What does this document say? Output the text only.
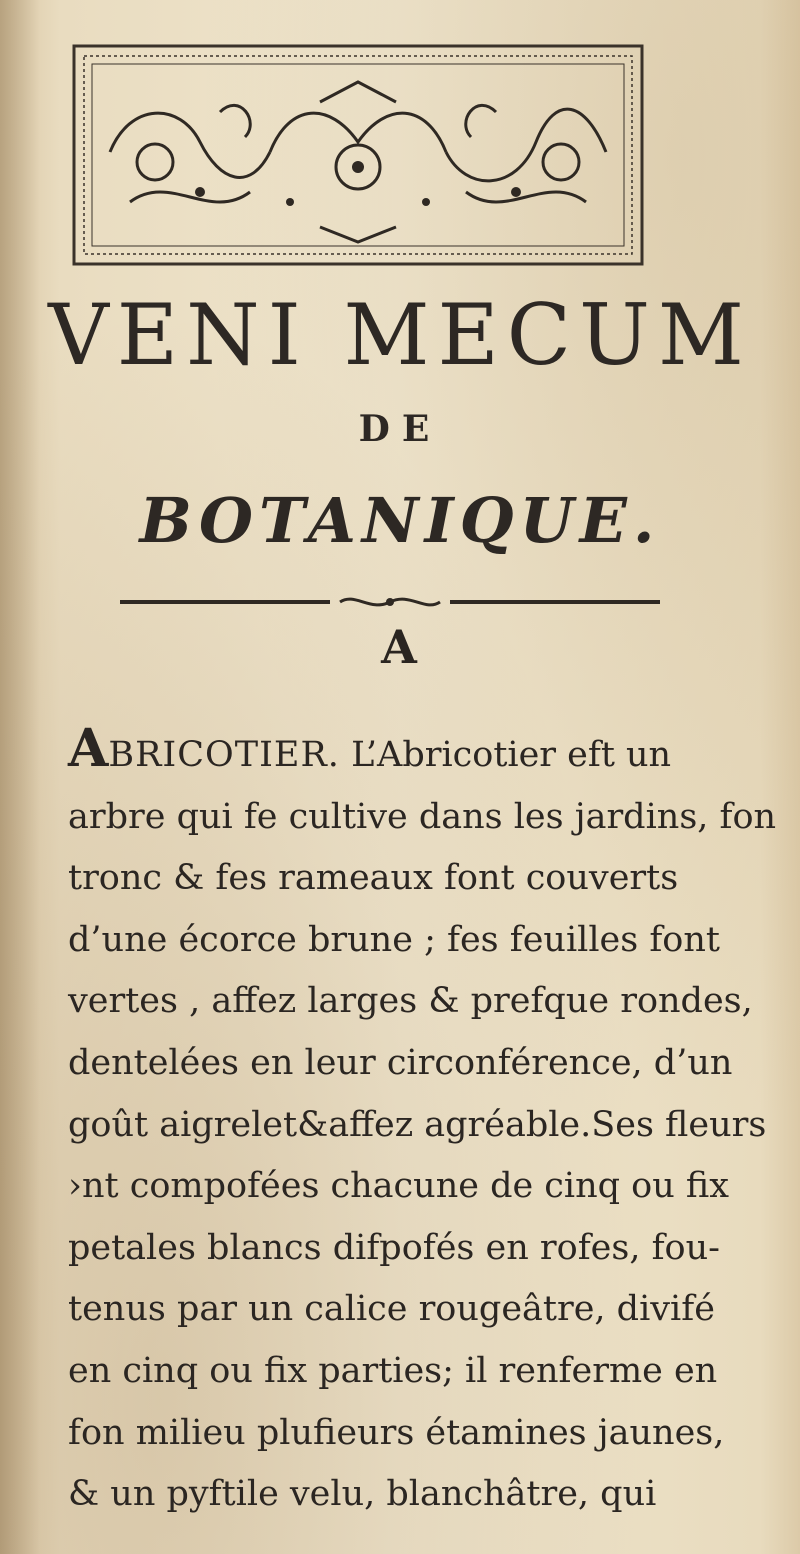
VENI MECUM
DE
BOTANIQUE.
A
ABRICOTIER. L’Abricotier eft un
arbre qui fe cultive dans les jardins, fon
tronc & fes rameaux font couverts
d’une écorce brune ; fes feuilles font
vertes , affez larges & prefque rondes,
dentelées en leur circonférence, d’un
goût aigrelet&affez agréable.Ses fleurs
›nt compofées chacune de cinq ou fix
petales blancs difpofés en rofes, fou-
tenus par un calice rougeâtre, divifé
en cinq ou fix parties; il renferme en
fon milieu plufieurs étamines jaunes,
& un pyftile velu, blanchâtre, qui
